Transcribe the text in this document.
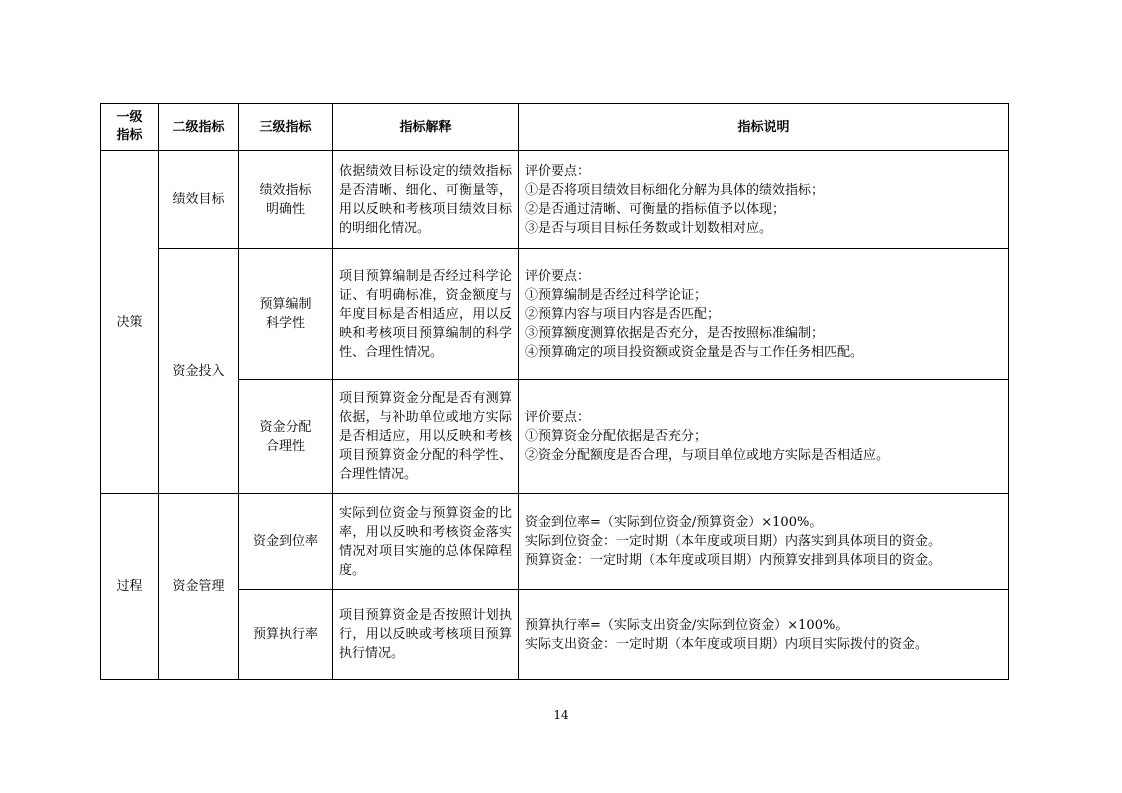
一级指标	二级指标	三级指标	指标解释	指标说明
决策	绩效目标	绩效指标明确性	依据绩效目标设定的绩效指标是否清晰、细化、可衡量等，用以反映和考核项目绩效目标的明细化情况。	评价要点：
①是否将项目绩效目标细化分解为具体的绩效指标；
②是否通过清晰、可衡量的指标值予以体现；
③是否与项目目标任务数或计划数相对应。

	资金投入	预算编制科学性	项目预算编制是否经过科学论证、有明确标准，资金额度与年度目标是否相适应，用以反映和考核项目预算编制的科学性、合理性情况。	评价要点：
①预算编制是否经过科学论证；
②预算内容与项目内容是否匹配；
③预算额度测算依据是否充分，是否按照标准编制；
④预算确定的项目投资额或资金量是否与工作任务相匹配。

		资金分配合理性	项目预算资金分配是否有测算依据，与补助单位或地方实际是否相适应，用以反映和考核项目预算资金分配的科学性、合理性情况。	评价要点：
①预算资金分配依据是否充分；
②资金分配额度是否合理，与项目单位或地方实际是否相适应。

过程	资金管理	资金到位率	实际到位资金与预算资金的比率，用以反映和考核资金落实情况对项目实施的总体保障程度。	资金到位率=（实际到位资金/预算资金）×100%。
实际到位资金：一定时期（本年度或项目期）内落实到具体项目的资金。
预算资金：一定时期（本年度或项目期）内预算安排到具体项目的资金。

		预算执行率	项目预算资金是否按照计划执行，用以反映或考核项目预算执行情况。	预算执行率=（实际支出资金/实际到位资金）×100%。
实际支出资金：一定时期（本年度或项目期）内项目实际拨付的资金。
14
